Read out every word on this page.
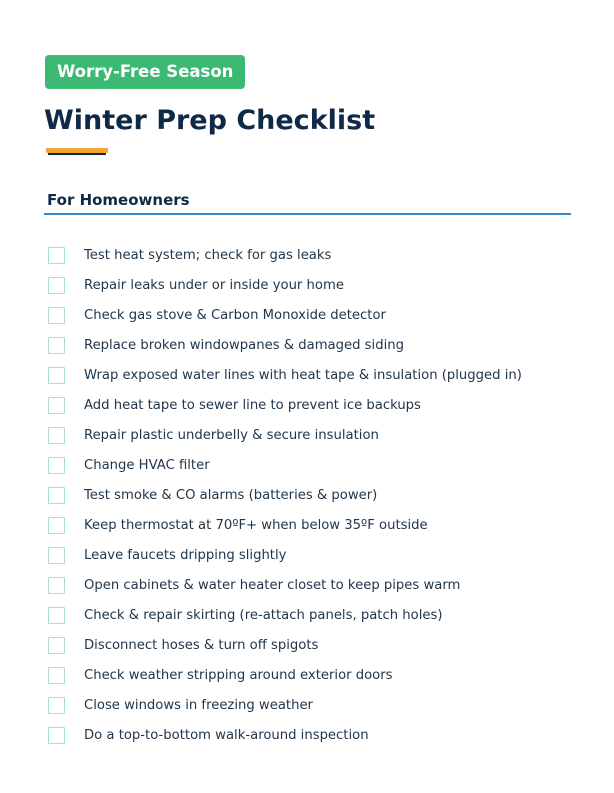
Worry-Free Season
Winter Prep Checklist
For Homeowners
Test heat system; check for gas leaks
Repair leaks under or inside your home
Check gas stove & Carbon Monoxide detector
Replace broken windowpanes & damaged siding
Wrap exposed water lines with heat tape & insulation (plugged in)
Add heat tape to sewer line to prevent ice backups
Repair plastic underbelly & secure insulation
Change HVAC filter
Test smoke & CO alarms (batteries & power)
Keep thermostat at 70ºF+ when below 35ºF outside
Leave faucets dripping slightly
Open cabinets & water heater closet to keep pipes warm
Check & repair skirting (re-attach panels, patch holes)
Disconnect hoses & turn off spigots
Check weather stripping around exterior doors
Close windows in freezing weather
Do a top-to-bottom walk-around inspection
